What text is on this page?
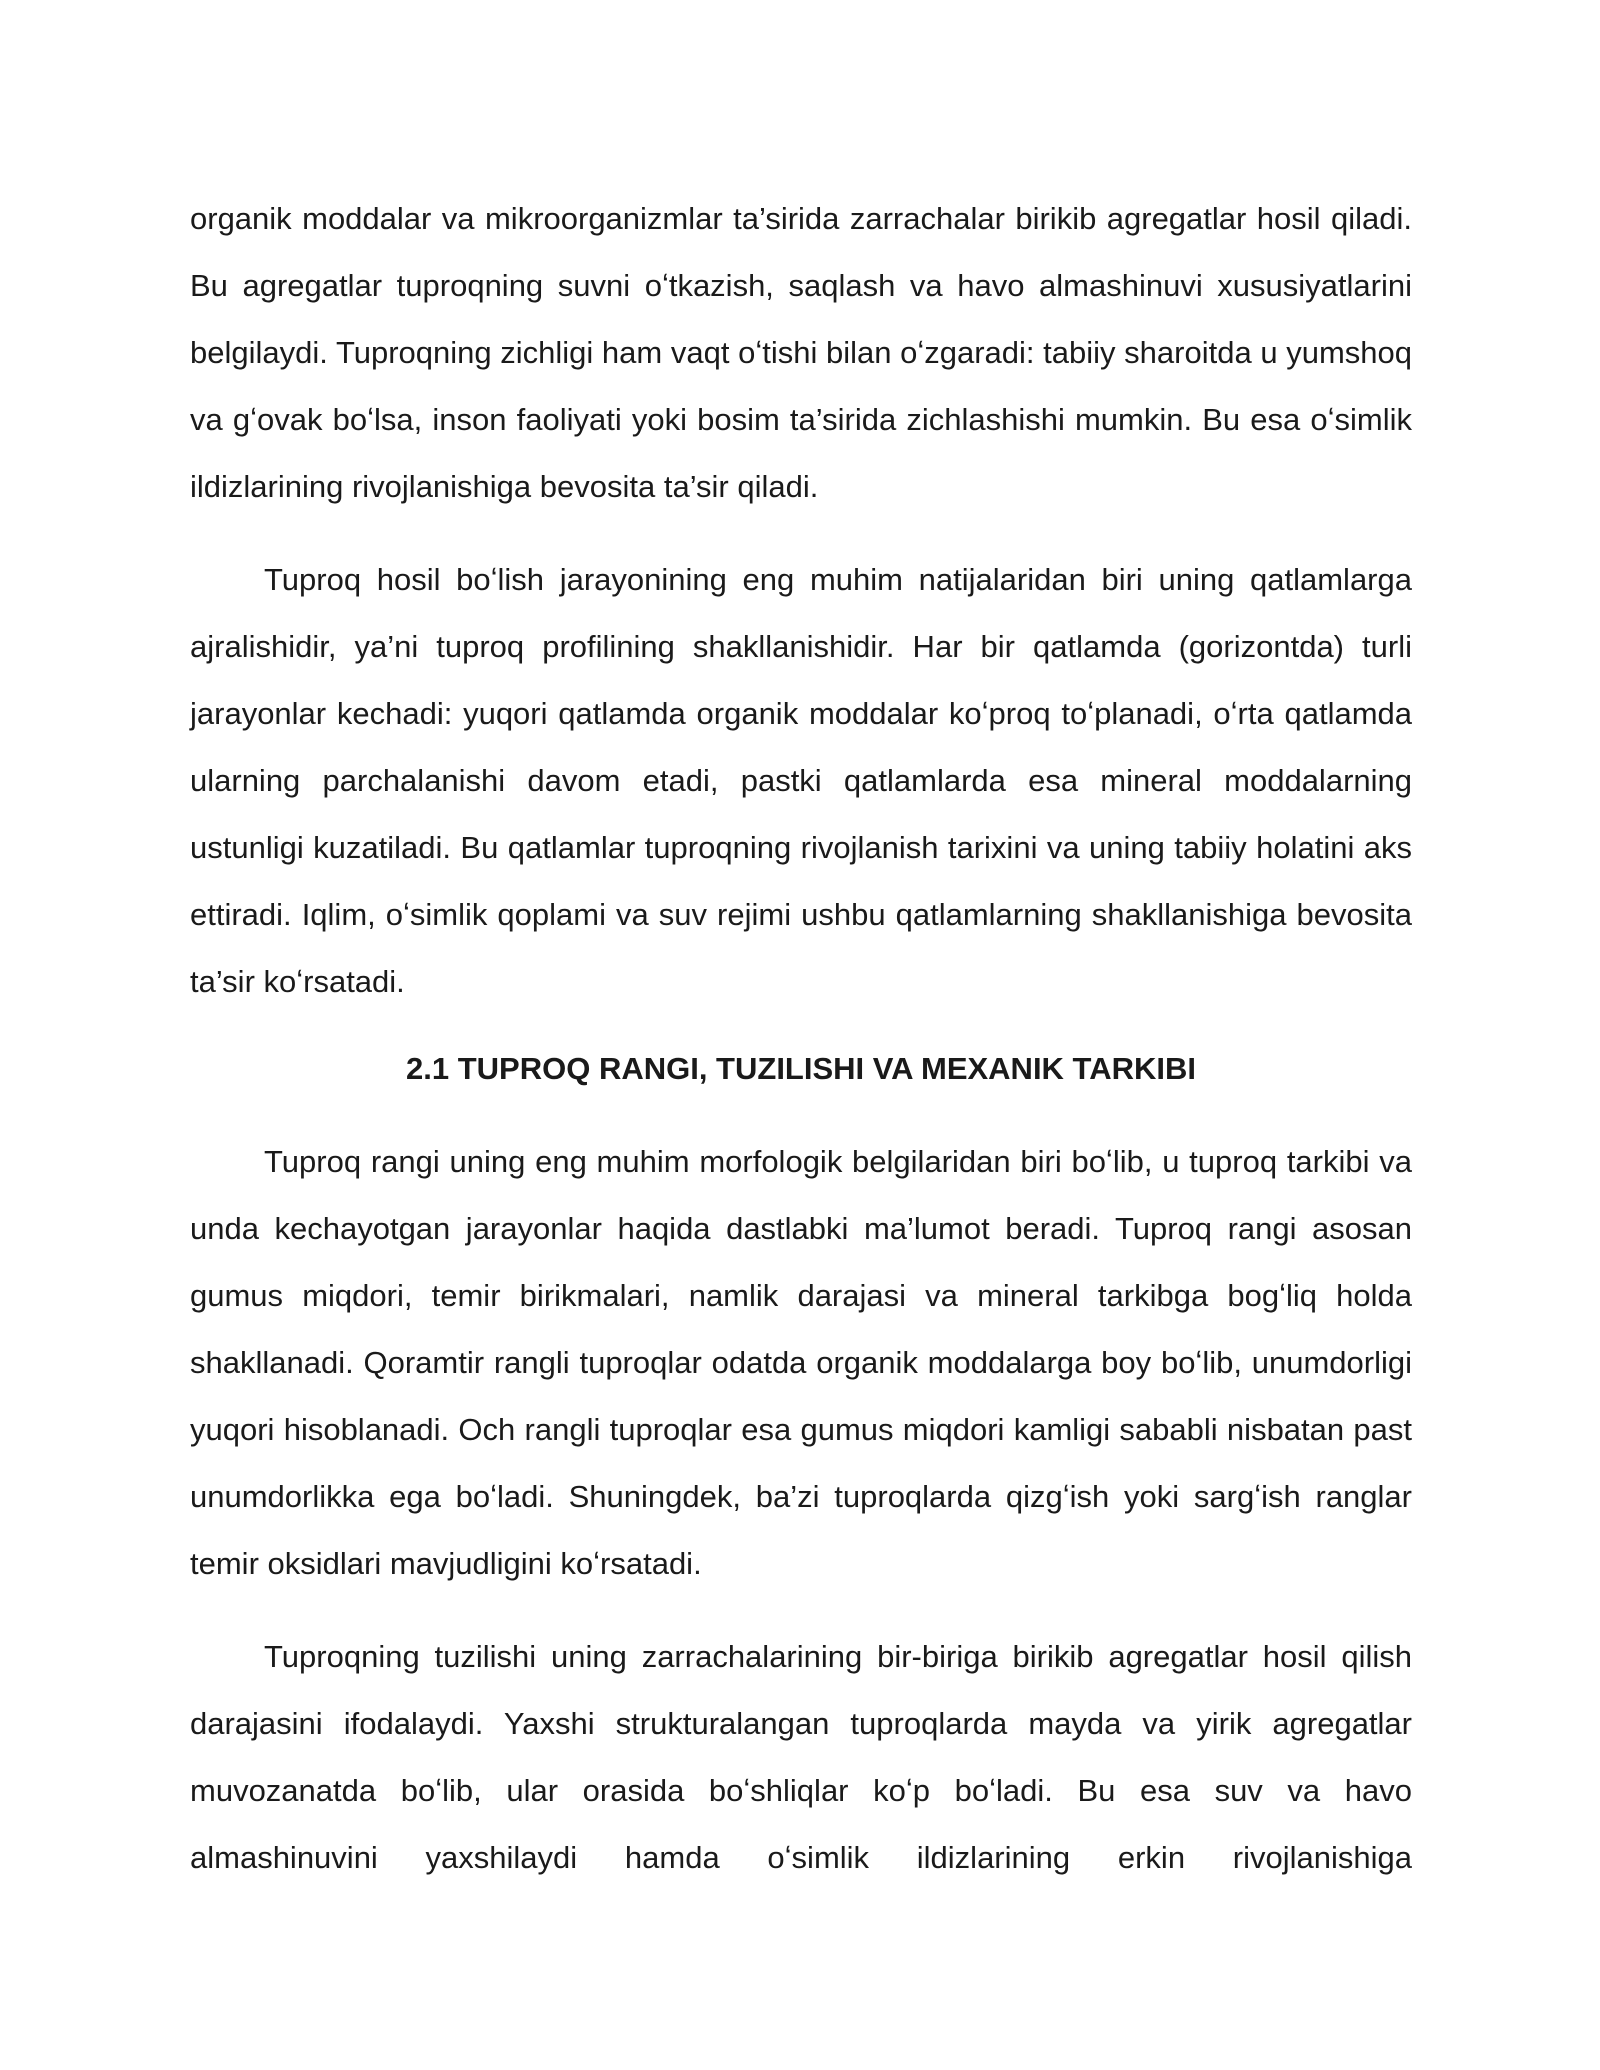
organik moddalar va mikroorganizmlar ta’sirida zarrachalar birikib agregatlar hosil qiladi. Bu agregatlar tuproqning suvni oʻtkazish, saqlash va havo almashinuvi xususiyatlarini belgilaydi. Tuproqning zichligi ham vaqt oʻtishi bilan oʻzgaradi: tabiiy sharoitda u yumshoq va gʻovak boʻlsa, inson faoliyati yoki bosim ta’sirida zichlashishi mumkin. Bu esa oʻsimlik ildizlarining rivojlanishiga bevosita ta’sir qiladi.

Tuproq hosil boʻlish jarayonining eng muhim natijalaridan biri uning qatlamlarga ajralishidir, ya’ni tuproq profilining shakllanishidir. Har bir qatlamda (gorizontda) turli jarayonlar kechadi: yuqori qatlamda organik moddalar koʻproq toʻplanadi, oʻrta qatlamda ularning parchalanishi davom etadi, pastki qatlamlarda esa mineral moddalarning ustunligi kuzatiladi. Bu qatlamlar tuproqning rivojlanish tarixini va uning tabiiy holatini aks ettiradi. Iqlim, oʻsimlik qoplami va suv rejimi ushbu qatlamlarning shakllanishiga bevosita ta’sir koʻrsatadi.

2.1 TUPROQ RANGI, TUZILISHI VA MEXANIK TARKIBI

Tuproq rangi uning eng muhim morfologik belgilaridan biri boʻlib, u tuproq tarkibi va unda kechayotgan jarayonlar haqida dastlabki ma’lumot beradi. Tuproq rangi asosan gumus miqdori, temir birikmalari, namlik darajasi va mineral tarkibga bogʻliq holda shakllanadi. Qoramtir rangli tuproqlar odatda organik moddalarga boy boʻlib, unumdorligi yuqori hisoblanadi. Och rangli tuproqlar esa gumus miqdori kamligi sababli nisbatan past unumdorlikka ega boʻladi. Shuningdek, ba’zi tuproqlarda qizgʻish yoki sargʻish ranglar temir oksidlari mavjudligini koʻrsatadi.

Tuproqning tuzilishi uning zarrachalarining bir-biriga birikib agregatlar hosil qilish darajasini ifodalaydi. Yaxshi strukturalangan tuproqlarda mayda va yirik agregatlar muvozanatda boʻlib, ular orasida boʻshliqlar koʻp boʻladi. Bu esa suv va havo almashinuvini yaxshilaydi hamda oʻsimlik ildizlarining erkin rivojlanishiga
